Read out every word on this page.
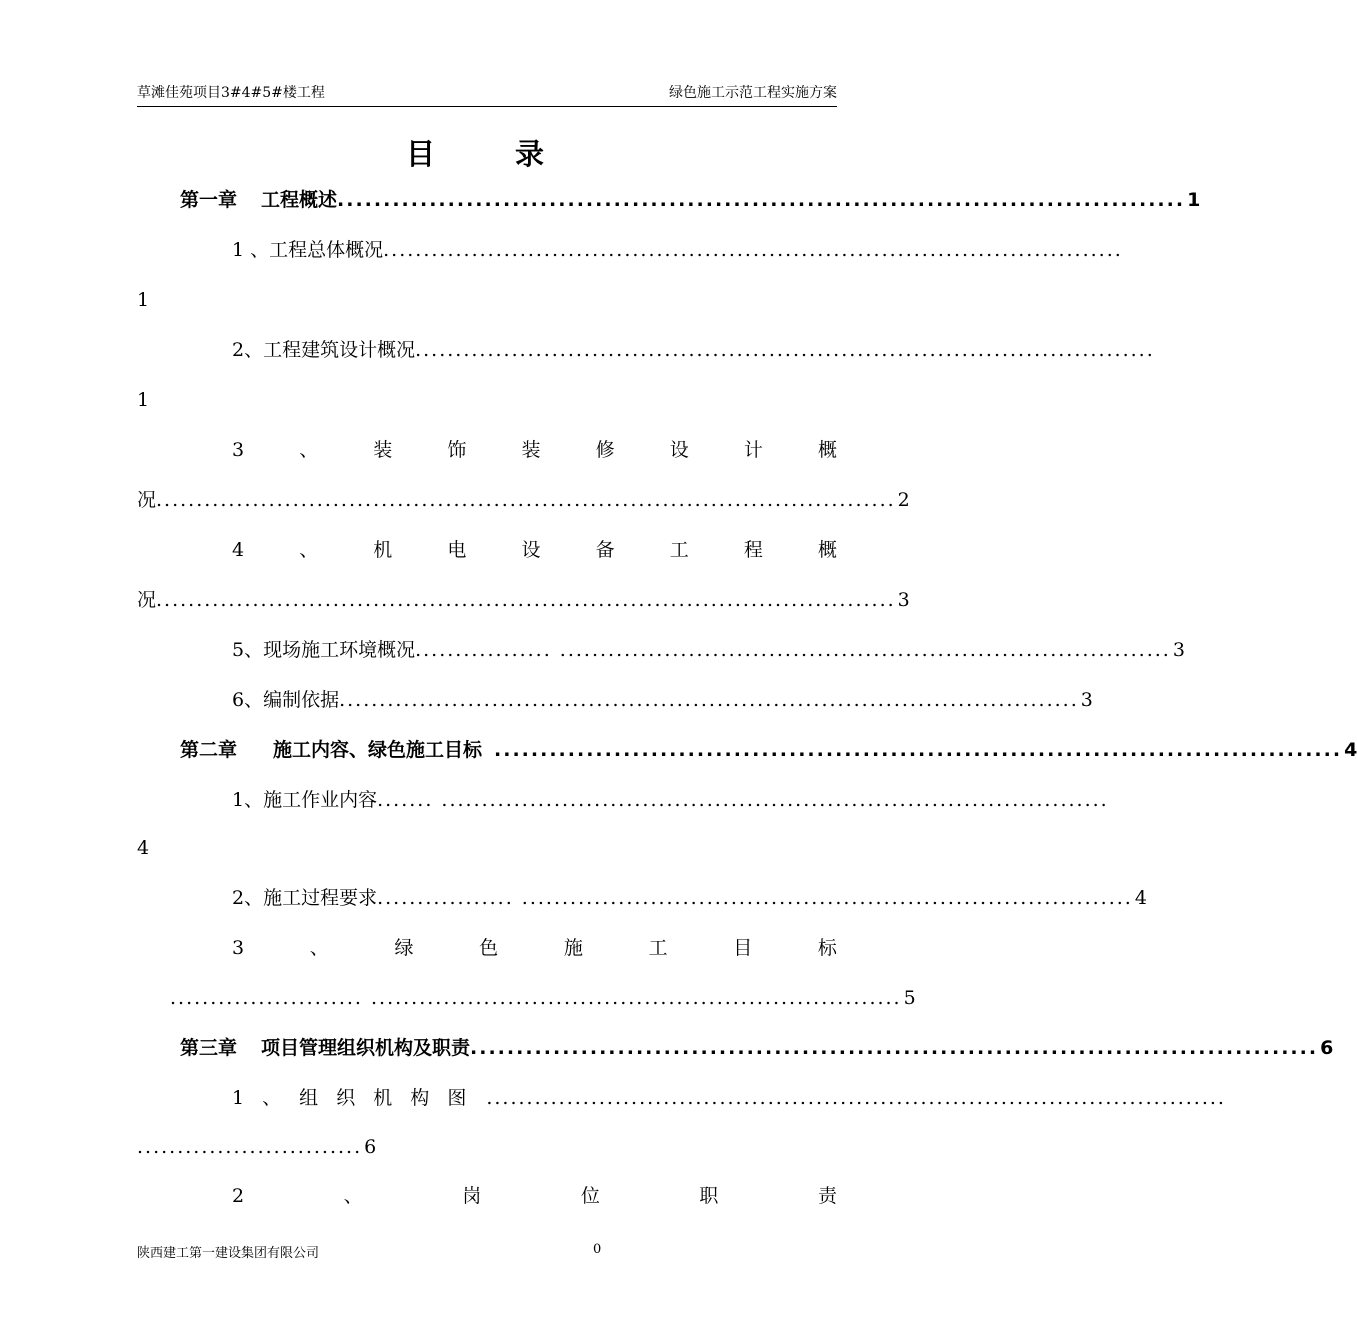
草滩佳苑项目3#4#5#楼工程	绿色施工示范工程实施方案
目录
第一章	工程概述 ............................................................................................ 1
1 、工程总体概况 ............................................................................................
1
2、工程建筑设计概况 ............................................................................................
1
3	、	装	饰	装	修	设	计	概
况 ............................................................................................ 2
4	、	机	电	设	备	工	程	概
况 ............................................................................................ 3
5、现场施工环境概况 ................. ............................................................................ 3
6、编制依据 ............................................................................................ 3
第二章	施工内容、绿色施工目标 ............................................................................................ 4
1、施工作业内容 ....... ...................................................................................
4
2、施工过程要求 ................. ............................................................................ 4
3	、	绿	色	施	工	目	标
........................ .................................................................. 5
第三章	项目管理组织机构及职责 ............................................................................................ 6
1 、 组 织 机 构 图 ............................................................................................
............................ 6
2	、	岗	位	职	责
陕西建工第一建设集团有限公司	0
